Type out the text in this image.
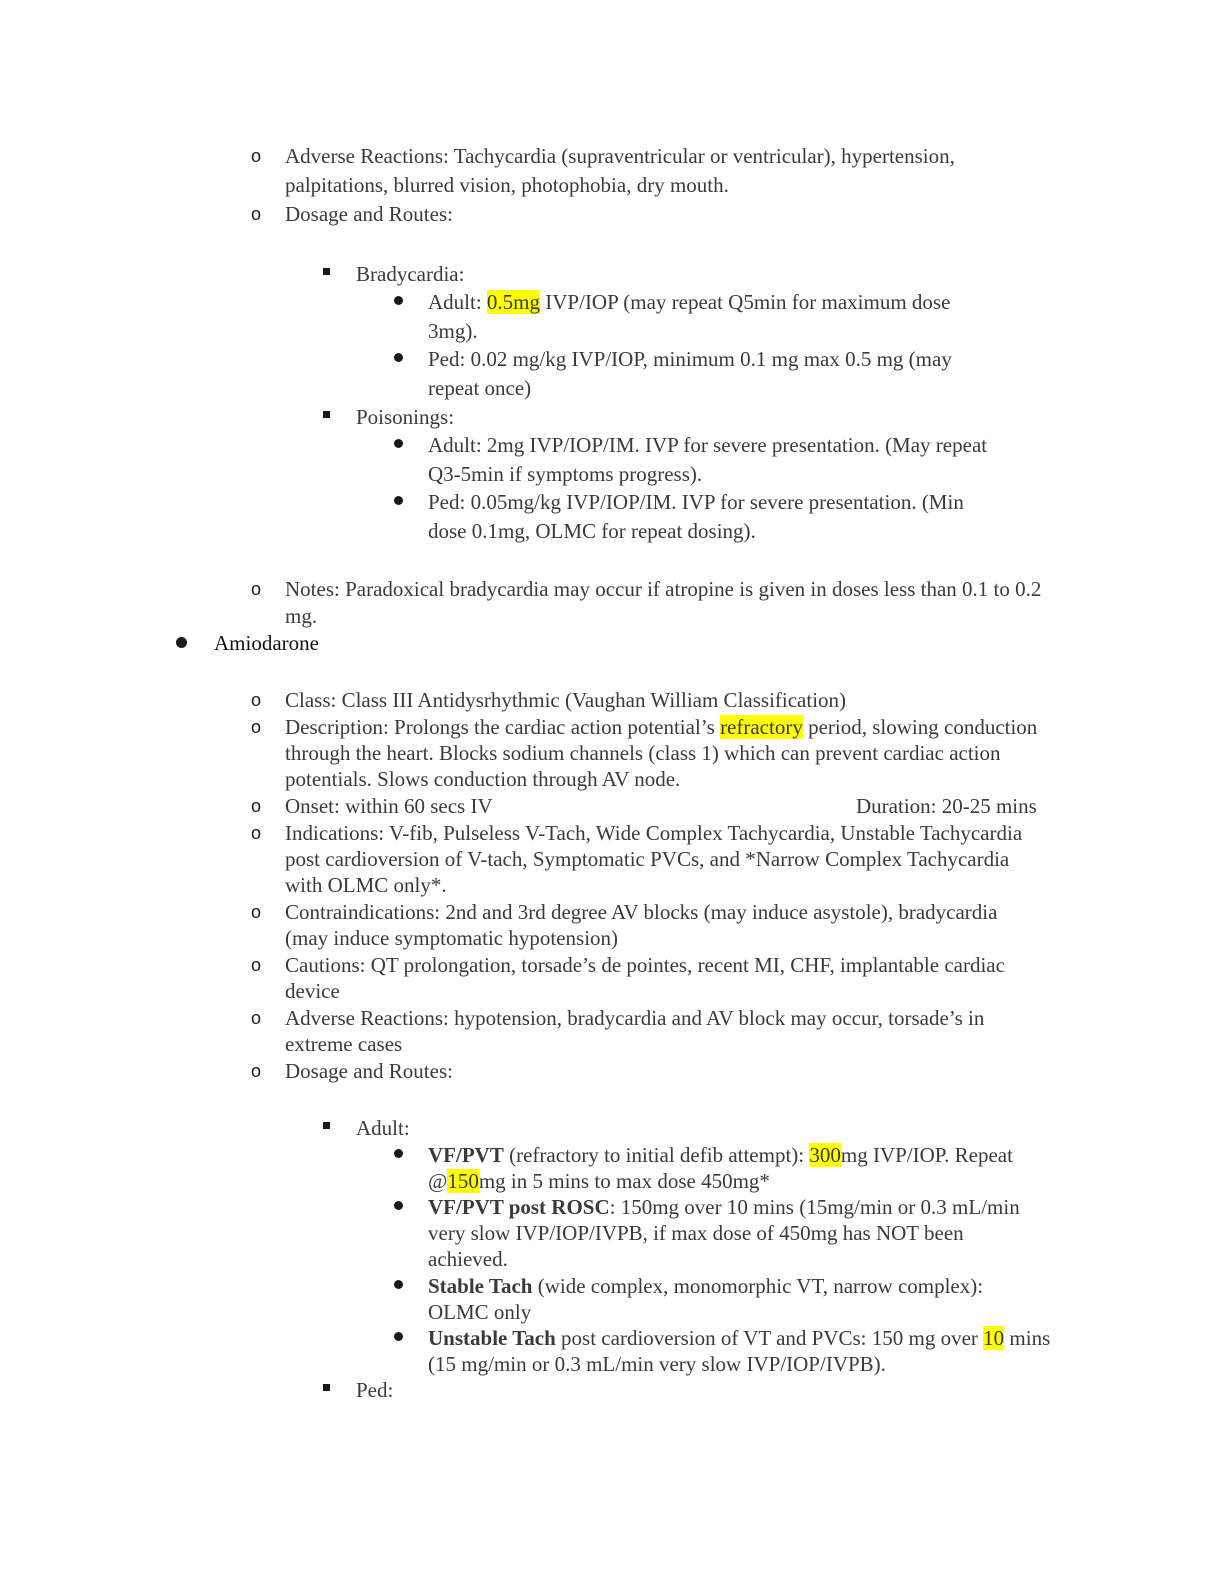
o Adverse Reactions: Tachycardia (supraventricular or ventricular), hypertension,
palpitations, blurred vision, photophobia, dry mouth.
o Dosage and Routes:
Bradycardia:
Adult: 0.5mg IVP/IOP (may repeat Q5min for maximum dose
3mg).
Ped: 0.02 mg/kg IVP/IOP, minimum 0.1 mg max 0.5 mg (may
repeat once)
Poisonings:
Adult: 2mg IVP/IOP/IM. IVP for severe presentation. (May repeat
Q3-5min if symptoms progress).
Ped: 0.05mg/kg IVP/IOP/IM. IVP for severe presentation. (Min
dose 0.1mg, OLMC for repeat dosing).
o Notes: Paradoxical bradycardia may occur if atropine is given in doses less than 0.1 to 0.2
mg.
Amiodarone
o Class: Class III Antidysrhythmic (Vaughan William Classification)
o Description: Prolongs the cardiac action potential’s refractory period, slowing conduction
through the heart. Blocks sodium channels (class 1) which can prevent cardiac action
potentials. Slows conduction through AV node.
o Onset: within 60 secs IV	Duration: 20-25 mins
o Indications: V-fib, Pulseless V-Tach, Wide Complex Tachycardia, Unstable Tachycardia
post cardioversion of V-tach, Symptomatic PVCs, and *Narrow Complex Tachycardia
with OLMC only*.
o Contraindications: 2nd and 3rd degree AV blocks (may induce asystole), bradycardia
(may induce symptomatic hypotension)
o Cautions: QT prolongation, torsade’s de pointes, recent MI, CHF, implantable cardiac
device
o Adverse Reactions: hypotension, bradycardia and AV block may occur, torsade’s in
extreme cases
o Dosage and Routes:
Adult:
VF/PVT (refractory to initial defib attempt): 300mg IVP/IOP. Repeat
@150mg in 5 mins to max dose 450mg*
VF/PVT post ROSC: 150mg over 10 mins (15mg/min or 0.3 mL/min
very slow IVP/IOP/IVPB, if max dose of 450mg has NOT been
achieved.
Stable Tach (wide complex, monomorphic VT, narrow complex):
OLMC only
Unstable Tach post cardioversion of VT and PVCs: 150 mg over 10 mins
(15 mg/min or 0.3 mL/min very slow IVP/IOP/IVPB).
Ped:
